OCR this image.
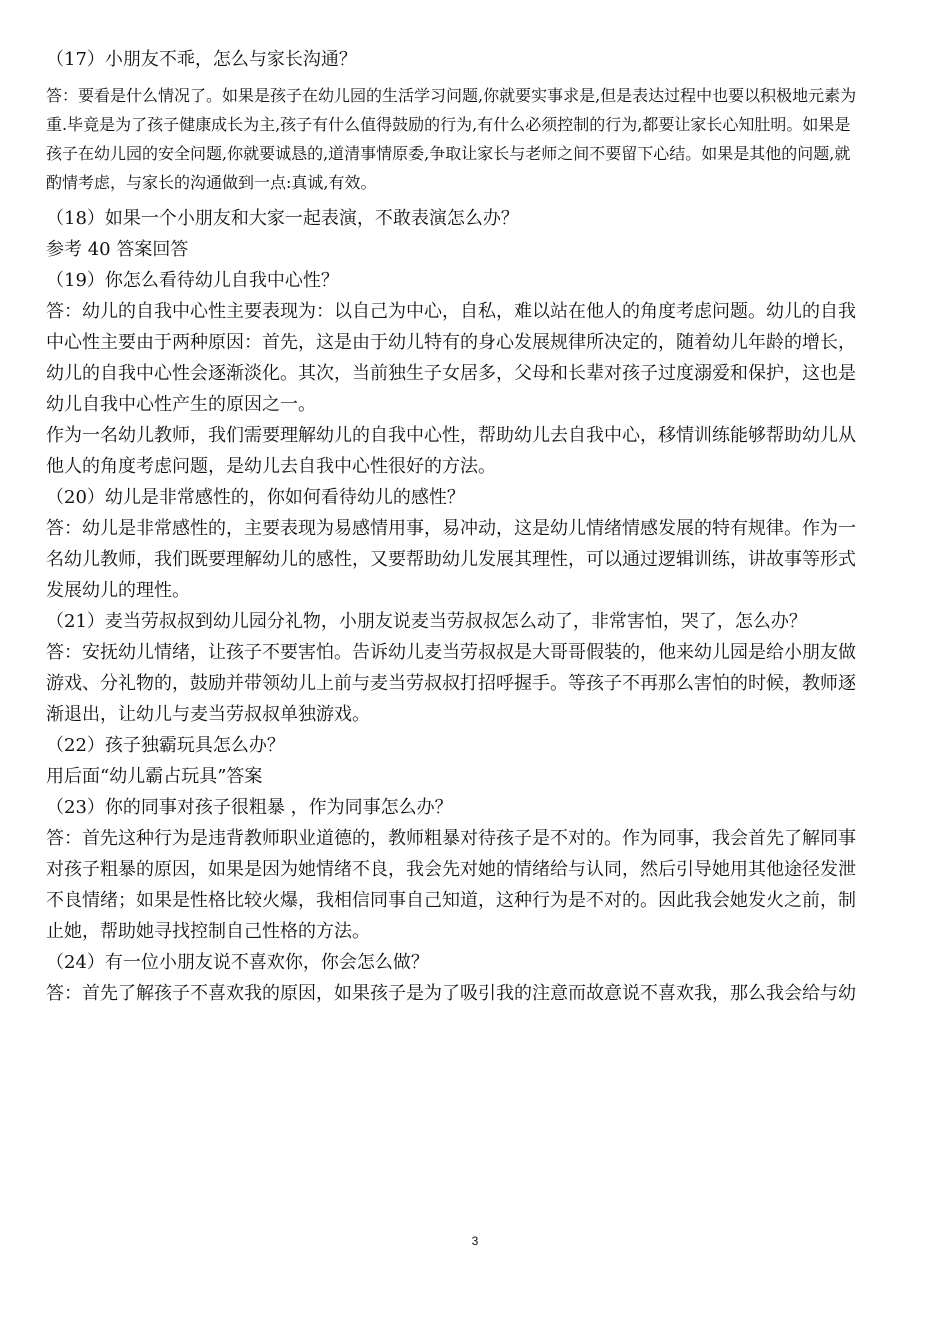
（17）小朋友不乖，怎么与家长沟通？
答：要看是什么情况了。如果是孩子在幼儿园的生活学习问题,你就要实事求是,但是表达过程中也要以积极地元素为
重.毕竟是为了孩子健康成长为主,孩子有什么值得鼓励的行为,有什么必须控制的行为,都要让家长心知肚明。如果是
孩子在幼儿园的安全问题,你就要诚恳的,道清事情原委,争取让家长与老师之间不要留下心结。如果是其他的问题,就
酌情考虑，与家长的沟通做到一点:真诚,有效。
（18）如果一个小朋友和大家一起表演，不敢表演怎么办？
参考 40 答案回答
（19）你怎么看待幼儿自我中心性？
答：幼儿的自我中心性主要表现为：以自己为中心，自私，难以站在他人的角度考虑问题。幼儿的自我
中心性主要由于两种原因：首先，这是由于幼儿特有的身心发展规律所决定的，随着幼儿年龄的增长，
幼儿的自我中心性会逐渐淡化。其次，当前独生子女居多，父母和长辈对孩子过度溺爱和保护，这也是
幼儿自我中心性产生的原因之一。
作为一名幼儿教师，我们需要理解幼儿的自我中心性，帮助幼儿去自我中心，移情训练能够帮助幼儿从
他人的角度考虑问题，是幼儿去自我中心性很好的方法。
（20）幼儿是非常感性的，你如何看待幼儿的感性？
答：幼儿是非常感性的，主要表现为易感情用事，易冲动，这是幼儿情绪情感发展的特有规律。作为一
名幼儿教师，我们既要理解幼儿的感性，又要帮助幼儿发展其理性，可以通过逻辑训练，讲故事等形式
发展幼儿的理性。
（21）麦当劳叔叔到幼儿园分礼物，小朋友说麦当劳叔叔怎么动了，非常害怕，哭了，怎么办？
答：安抚幼儿情绪，让孩子不要害怕。告诉幼儿麦当劳叔叔是大哥哥假装的，他来幼儿园是给小朋友做
游戏、分礼物的，鼓励并带领幼儿上前与麦当劳叔叔打招呼握手。等孩子不再那么害怕的时候，教师逐
渐退出，让幼儿与麦当劳叔叔单独游戏。
（22）孩子独霸玩具怎么办？
用后面“幼儿霸占玩具”答案
（23）你的同事对孩子很粗暴 ，作为同事怎么办？
答：首先这种行为是违背教师职业道德的，教师粗暴对待孩子是不对的。作为同事，我会首先了解同事
对孩子粗暴的原因，如果是因为她情绪不良，我会先对她的情绪给与认同，然后引导她用其他途径发泄
不良情绪；如果是性格比较火爆，我相信同事自己知道，这种行为是不对的。因此我会她发火之前，制
止她，帮助她寻找控制自己性格的方法。
（24）有一位小朋友说不喜欢你，你会怎么做？
答：首先了解孩子不喜欢我的原因，如果孩子是为了吸引我的注意而故意说不喜欢我，那么我会给与幼
3
